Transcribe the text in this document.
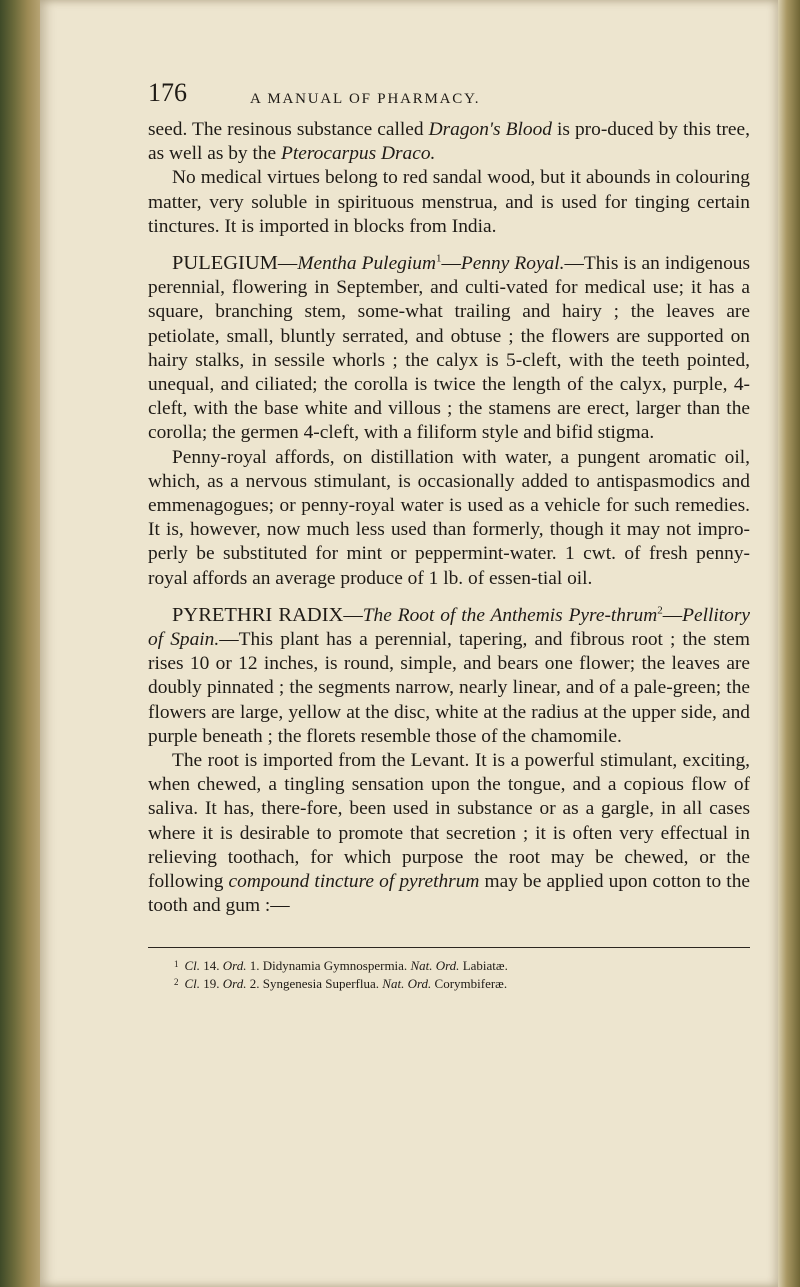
176	A MANUAL OF PHARMACY.

seed. The resinous substance called Dragon's Blood is pro-duced by this tree, as well as by the Pterocarpus Draco.

No medical virtues belong to red sandal wood, but it abounds in colouring matter, very soluble in spirituous menstrua, and is used for tinging certain tinctures. It is imported in blocks from India.

PULEGIUM—Mentha Pulegium$^1$—Penny Royal.—This is an indigenous perennial, flowering in September, and culti-vated for medical use; it has a square, branching stem, some-what trailing and hairy ; the leaves are petiolate, small, bluntly serrated, and obtuse ; the flowers are supported on hairy stalks, in sessile whorls ; the calyx is 5-cleft, with the teeth pointed, unequal, and ciliated; the corolla is twice the length of the calyx, purple, 4-cleft, with the base white and villous ; the stamens are erect, larger than the corolla; the germen 4-cleft, with a filiform style and bifid stigma.

Penny-royal affords, on distillation with water, a pungent aromatic oil, which, as a nervous stimulant, is occasionally added to antispasmodics and emmenagogues; or penny-royal water is used as a vehicle for such remedies. It is, however, now much less used than formerly, though it may not impro-perly be substituted for mint or peppermint-water. 1 cwt. of fresh penny-royal affords an average produce of 1 lb. of essen-tial oil.

PYRETHRI RADIX—The Root of the Anthemis Pyre-thrum$^2$—Pellitory of Spain.—This plant has a perennial, tapering, and fibrous root ; the stem rises 10 or 12 inches, is round, simple, and bears one flower; the leaves are doubly pinnated ; the segments narrow, nearly linear, and of a pale-green; the flowers are large, yellow at the disc, white at the radius at the upper side, and purple beneath ; the florets resemble those of the chamomile.

The root is imported from the Levant. It is a powerful stimulant, exciting, when chewed, a tingling sensation upon the tongue, and a copious flow of saliva. It has, there-fore, been used in substance or as a gargle, in all cases where it is desirable to promote that secretion ; it is often very effectual in relieving toothach, for which purpose the root may be chewed, or the following compound tincture of pyrethrum may be applied upon cotton to the tooth and gum :—

$^1$ Cl. 14. Ord. 1. Didynamia Gymnospermia. Nat. Ord. Labiatæ.
$^2$ Cl. 19. Ord. 2. Syngenesia Superflua. Nat. Ord. Corymbiferæ.
